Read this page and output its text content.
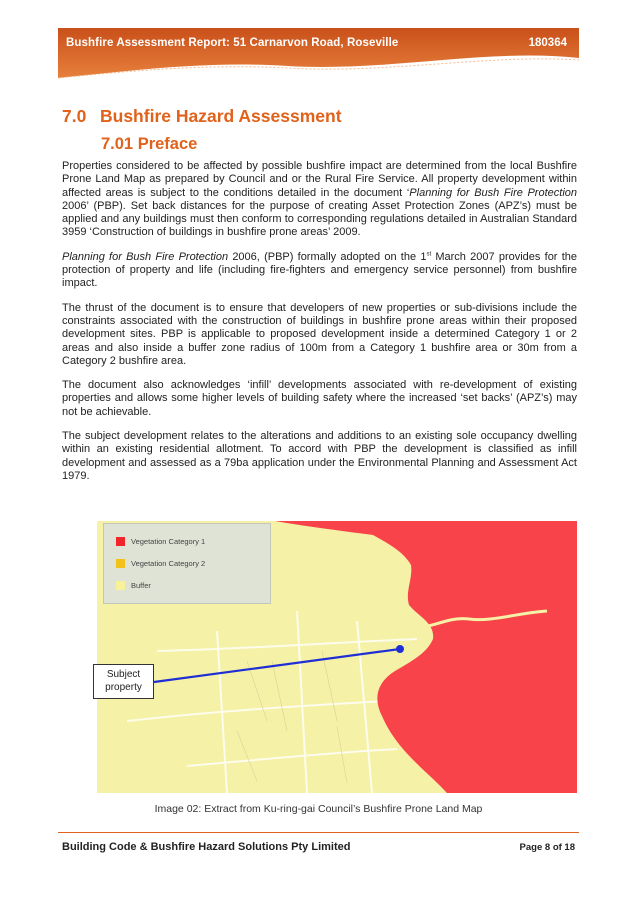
Bushfire Assessment Report: 51 Carnarvon Road, Roseville	180364
7.0 Bushfire Hazard Assessment
7.01 Preface

Properties considered to be affected by possible bushfire impact are determined from the local Bushfire Prone Land Map as prepared by Council and or the Rural Fire Service. All property development within affected areas is subject to the conditions detailed in the document ‘Planning for Bush Fire Protection 2006’ (PBP). Set back distances for the purpose of creating Asset Protection Zones (APZ’s) must be applied and any buildings must then conform to corresponding regulations detailed in Australian Standard 3959 ‘Construction of buildings in bushfire prone areas’ 2009.

Planning for Bush Fire Protection 2006, (PBP) formally adopted on the 1st March 2007 provides for the protection of property and life (including fire-fighters and emergency service personnel) from bushfire impact.

The thrust of the document is to ensure that developers of new properties or sub-divisions include the constraints associated with the construction of buildings in bushfire prone areas within their proposed development sites. PBP is applicable to proposed development inside a determined Category 1 or 2 areas and also inside a buffer zone radius of 100m from a Category 1 bushfire area or 30m from a Category 2 bushfire area.

The document also acknowledges ‘infill’ developments associated with re-development of existing properties and allows some higher levels of building safety where the increased ‘set backs’ (APZ’s) may not be achievable.

The subject development relates to the alterations and additions to an existing sole occupancy dwelling within an existing residential allotment. To accord with PBP the development is classified as infill development and assessed as a 79ba application under the Environmental Planning and Assessment Act 1979.

Vegetation Category 1
Vegetation Category 2
Buffer
Subject property
Image 02: Extract from Ku-ring-gai Council’s Bushfire Prone Land Map
Building Code & Bushfire Hazard Solutions Pty Limited	Page 8 of 18
